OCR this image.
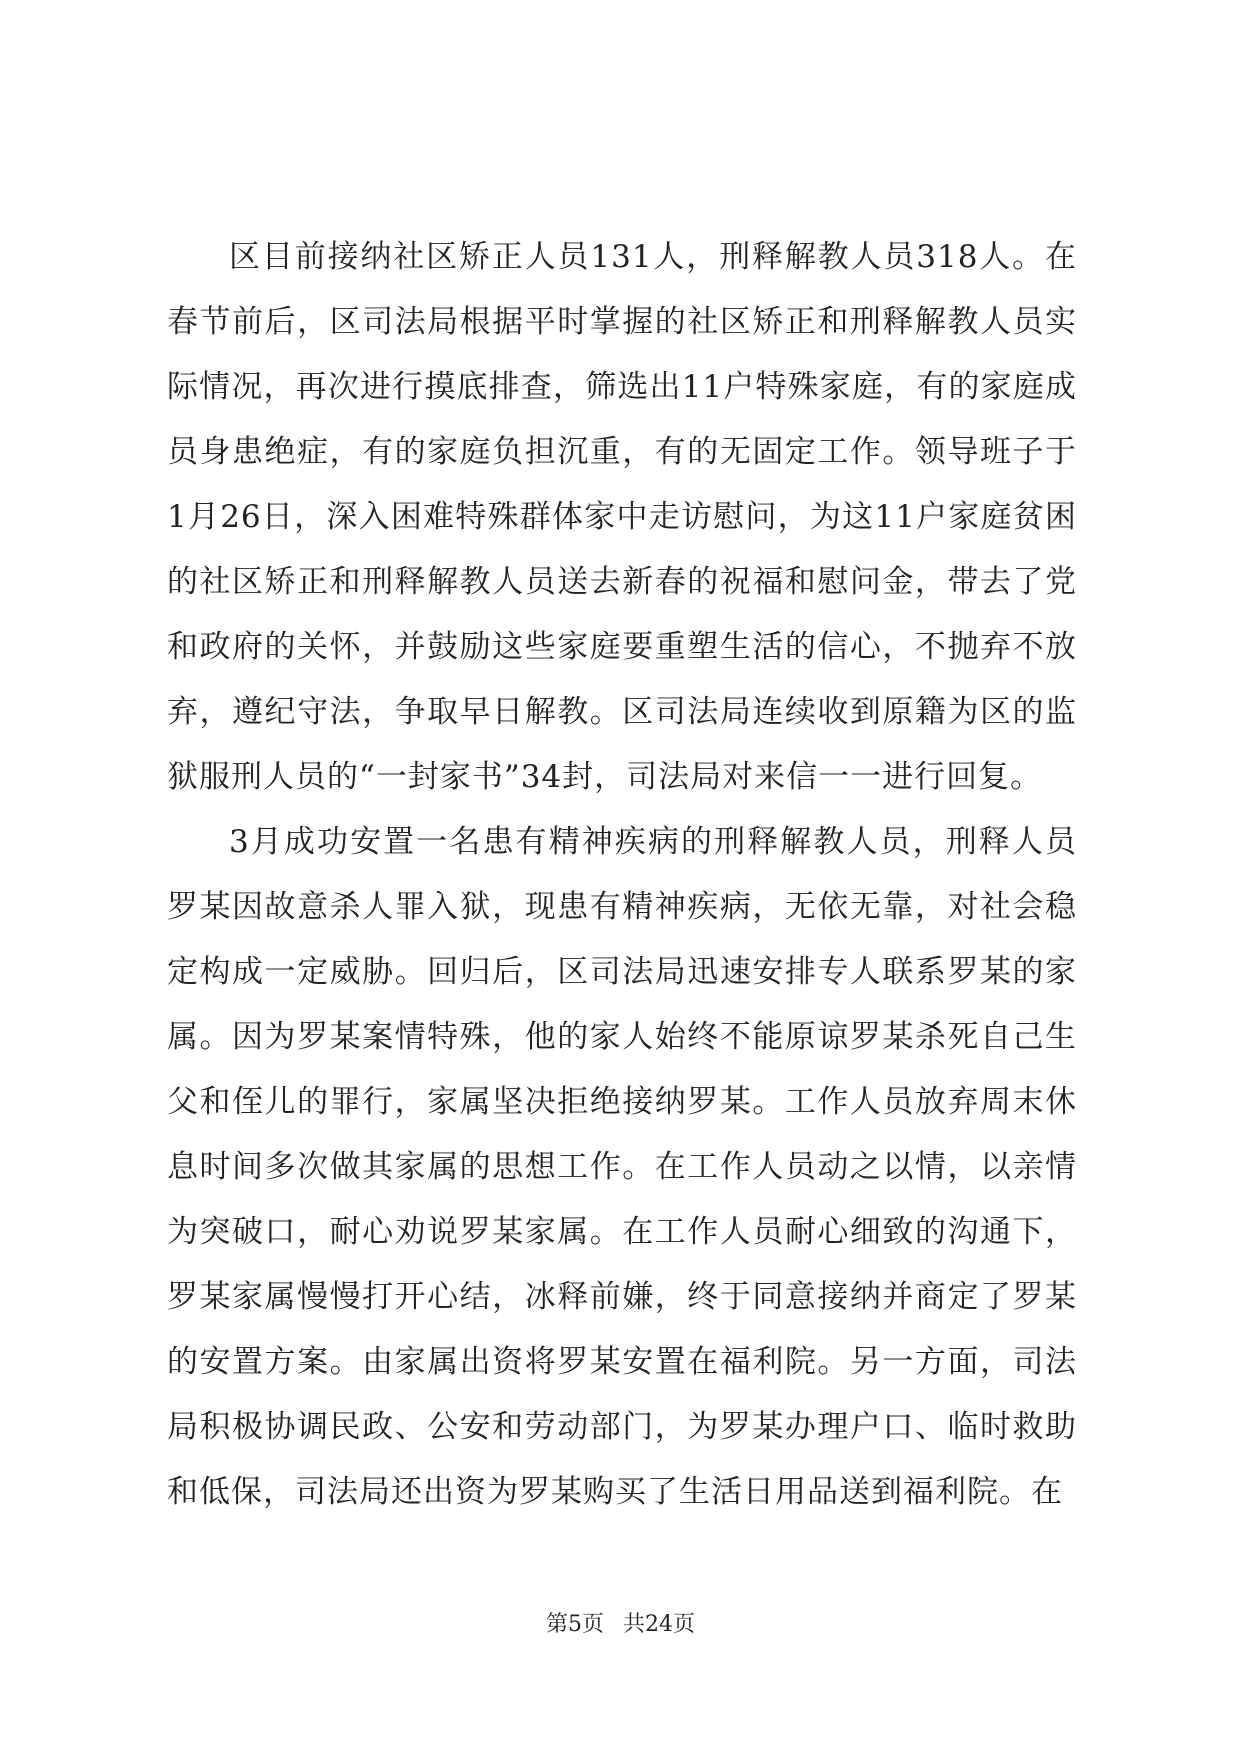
区目前接纳社区矫正人员131人，刑释解教人员318人。在春节前后，区司法局根据平时掌握的社区矫正和刑释解教人员实际情况，再次进行摸底排查，筛选出11户特殊家庭，有的家庭成员身患绝症，有的家庭负担沉重，有的无固定工作。领导班子于1月26日，深入困难特殊群体家中走访慰问，为这11户家庭贫困的社区矫正和刑释解教人员送去新春的祝福和慰问金，带去了党和政府的关怀，并鼓励这些家庭要重塑生活的信心，不抛弃不放弃，遵纪守法，争取早日解教。区司法局连续收到原籍为区的监狱服刑人员的“一封家书”34封，司法局对来信一一进行回复。

3月成功安置一名患有精神疾病的刑释解教人员，刑释人员罗某因故意杀人罪入狱，现患有精神疾病，无依无靠，对社会稳定构成一定威胁。回归后，区司法局迅速安排专人联系罗某的家属。因为罗某案情特殊，他的家人始终不能原谅罗某杀死自己生父和侄儿的罪行，家属坚决拒绝接纳罗某。工作人员放弃周末休息时间多次做其家属的思想工作。在工作人员动之以情，以亲情为突破口，耐心劝说罗某家属。在工作人员耐心细致的沟通下，罗某家属慢慢打开心结，冰释前嫌，终于同意接纳并商定了罗某的安置方案。由家属出资将罗某安置在福利院。另一方面，司法局积极协调民政、公安和劳动部门，为罗某办理户口、临时救助和低保，司法局还出资为罗某购买了生活日用品送到福利院。在

第5页 共24页
